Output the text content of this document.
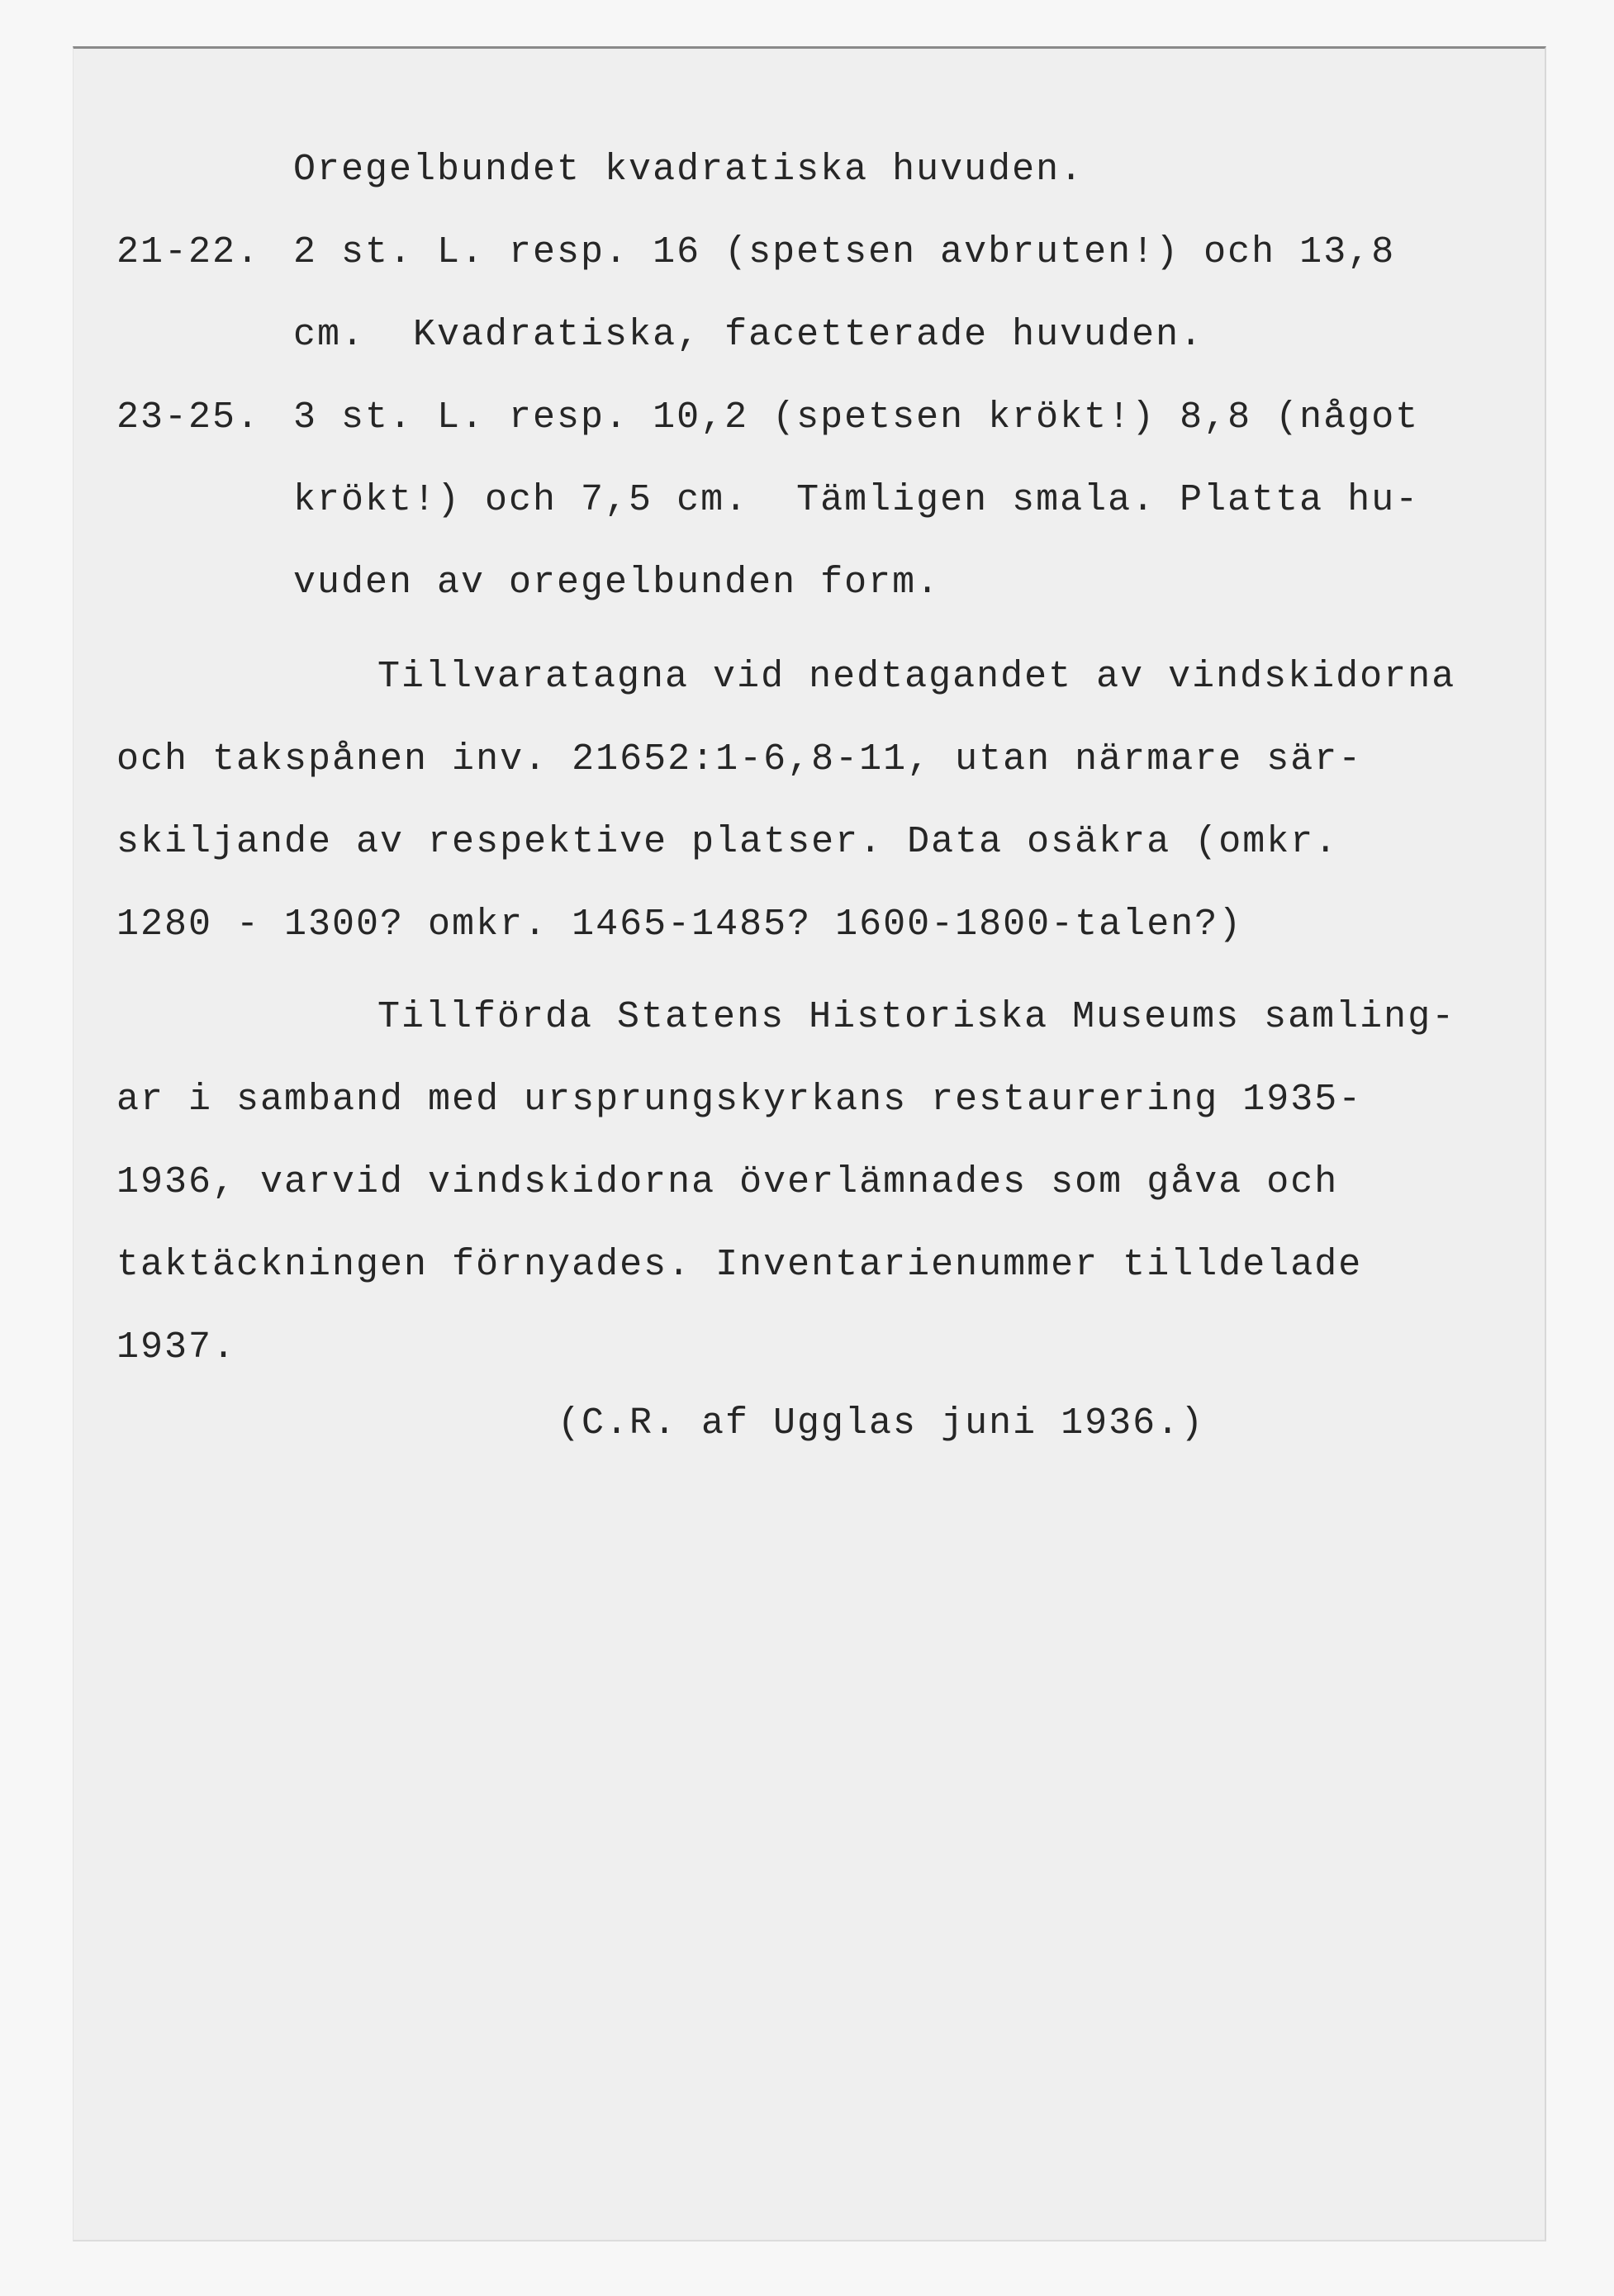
Oregelbundet kvadratiska huvuden.
21-22. 2 st. L. resp. 16 (spetsen avbruten!) och 13,8
cm.  Kvadratiska, facetterade huvuden.
23-25. 3 st. L. resp. 10,2 (spetsen krökt!) 8,8 (något
krökt!) och 7,5 cm.  Tämligen smala. Platta hu-
vuden av oregelbunden form.
Tillvaratagna vid nedtagandet av vindskidorna
och takspånen inv. 21652:1-6,8-11, utan närmare sär-
skiljande av respektive platser. Data osäkra (omkr.
1280 - 1300? omkr. 1465-1485? 1600-1800-talen?)
Tillförda Statens Historiska Museums samling-
ar i samband med ursprungskyrkans restaurering 1935-
1936, varvid vindskidorna överlämnades som gåva och
taktäckningen förnyades. Inventarienummer tilldelade
1937.
(C.R. af Ugglas juni 1936.)
